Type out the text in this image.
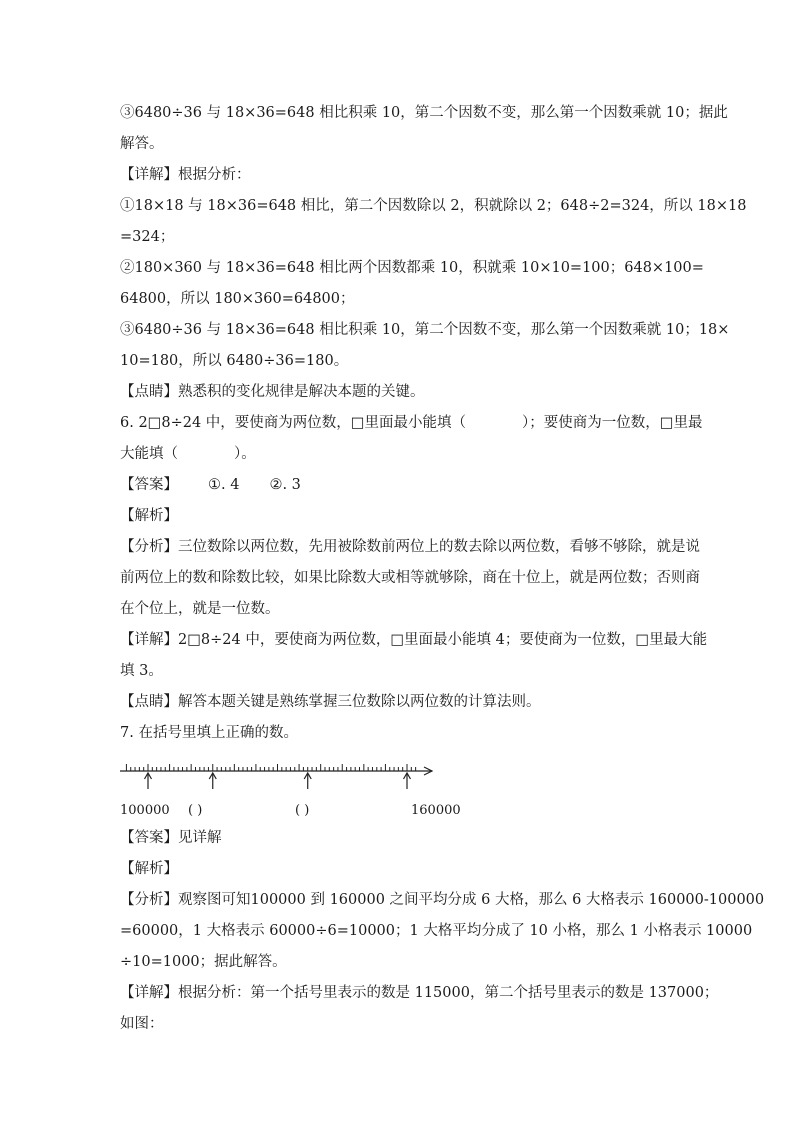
③6480÷36 与 18×36=648 相比积乘 10，第二个因数不变，那么第一个因数乘就 10；据此
解答。
【详解】根据分析：
①18×18 与 18×36=648 相比，第二个因数除以 2，积就除以 2；648÷2=324，所以 18×18
=324；
②180×360 与 18×36=648 相比两个因数都乘 10，积就乘 10×10=100；648×100=
64800，所以 180×360=64800；
③6480÷36 与 18×36=648 相比积乘 10，第二个因数不变，那么第一个因数乘就 10；18×
10=180，所以 6480÷36=180。
【点睛】熟悉积的变化规律是解决本题的关键。
6. 2□8÷24 中，要使商为两位数，□里面最小能填（	）；要使商为一位数，□里最
大能填（	）。
【答案】 ①. 4 ②. 3
【解析】
【分析】三位数除以两位数，先用被除数前两位上的数去除以两位数，看够不够除，就是说
前两位上的数和除数比较，如果比除数大或相等就够除，商在十位上，就是两位数；否则商
在个位上，就是一位数。
【详解】2□8÷24 中，要使商为两位数，□里面最小能填 4；要使商为一位数，□里最大能
填 3。
【点睛】解答本题关键是熟练掌握三位数除以两位数的计算法则。
7. 在括号里填上正确的数。
100000 ( )	( )	160000
【答案】见详解
【解析】
【分析】观察图可知100000 到 160000 之间平均分成 6 大格，那么 6 大格表示 160000-100000
=60000，1 大格表示 60000÷6=10000；1 大格平均分成了 10 小格，那么 1 小格表示 10000
÷10=1000；据此解答。
【详解】根据分析：第一个括号里表示的数是 115000，第二个括号里表示的数是 137000；
如图：
